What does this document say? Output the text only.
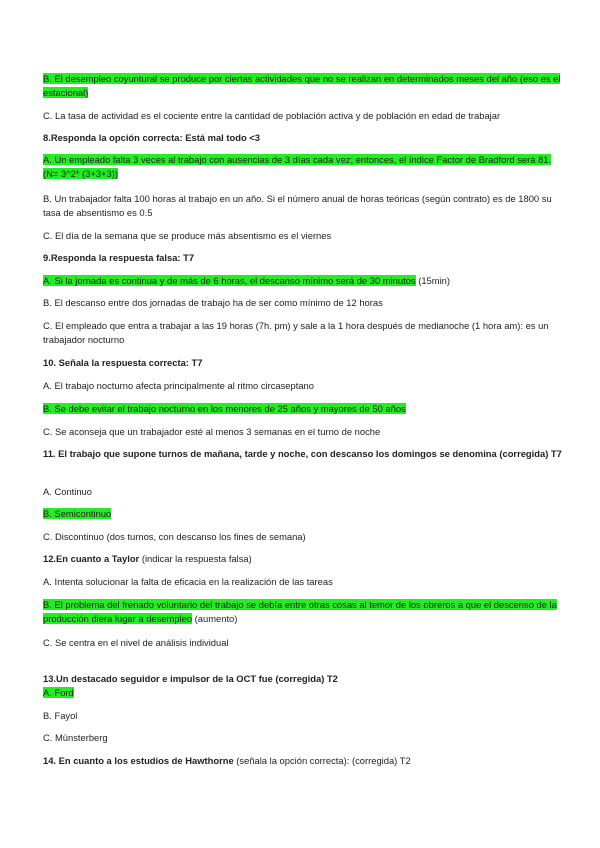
B. El desempleo coyuntural se produce por ciertas actividades que no se realizan en determinados meses del año (eso es el estacional)
C. La tasa de actividad es el cociente entre la cantidad de población activa y de población en edad de trabajar
8.Responda la opción correcta: Está mal todo <3
A. Un empleado falta 3 veces al trabajo con ausencias de 3 días cada vez; entonces, el índice Factor de Bradford será 81. (N= 3^2* (3+3+3))
B. Un trabajador falta 100 horas al trabajo en un año. Si el número anual de horas teóricas (según contrato) es de 1800 su tasa de absentismo es 0.5
C. El día de la semana que se produce más absentismo es el viernes
9.Responda la respuesta falsa: T7
A. Si la jornada es continua y de más de 6 horas, el descanso mínimo será de 30 minutos (15min)
B. El descanso entre dos jornadas de trabajo ha de ser como mínimo de 12 horas
C. El empleado que entra a trabajar a las 19 horas (7h. pm) y sale a la 1 hora después de medianoche (1 hora am): es un trabajador nocturno
10. Señala la respuesta correcta: T7
A. El trabajo nocturno afecta principalmente al ritmo circaseptano
B. Se debe evitar el trabajo nocturno en los menores de 25 años y mayores de 50 años
C. Se aconseja que un trabajador esté al menos 3 semanas en el turno de noche
11. El trabajo que supone turnos de mañana, tarde y noche, con descanso los domingos se denomina (corregida) T7
A. Continuo
B. Semicontinuo
C. Discontinuo (dos turnos, con descanso los fines de semana)
12.En cuanto a Taylor (indicar la respuesta falsa)
A. Intenta solucionar la falta de eficacia en la realización de las tareas
B. El problema del frenado voluntario del trabajo se debía entre otras cosas al temor de los obreros a que el descenso de la producción diera lugar a desempleo (aumento)
C. Se centra en el nivel de análisis individual
13.Un destacado seguidor e impulsor de la OCT fue (corregida) T2
A. Ford
B. Fayol
C. Münsterberg
14. En cuanto a los estudios de Hawthorne (señala la opción correcta): (corregida) T2
